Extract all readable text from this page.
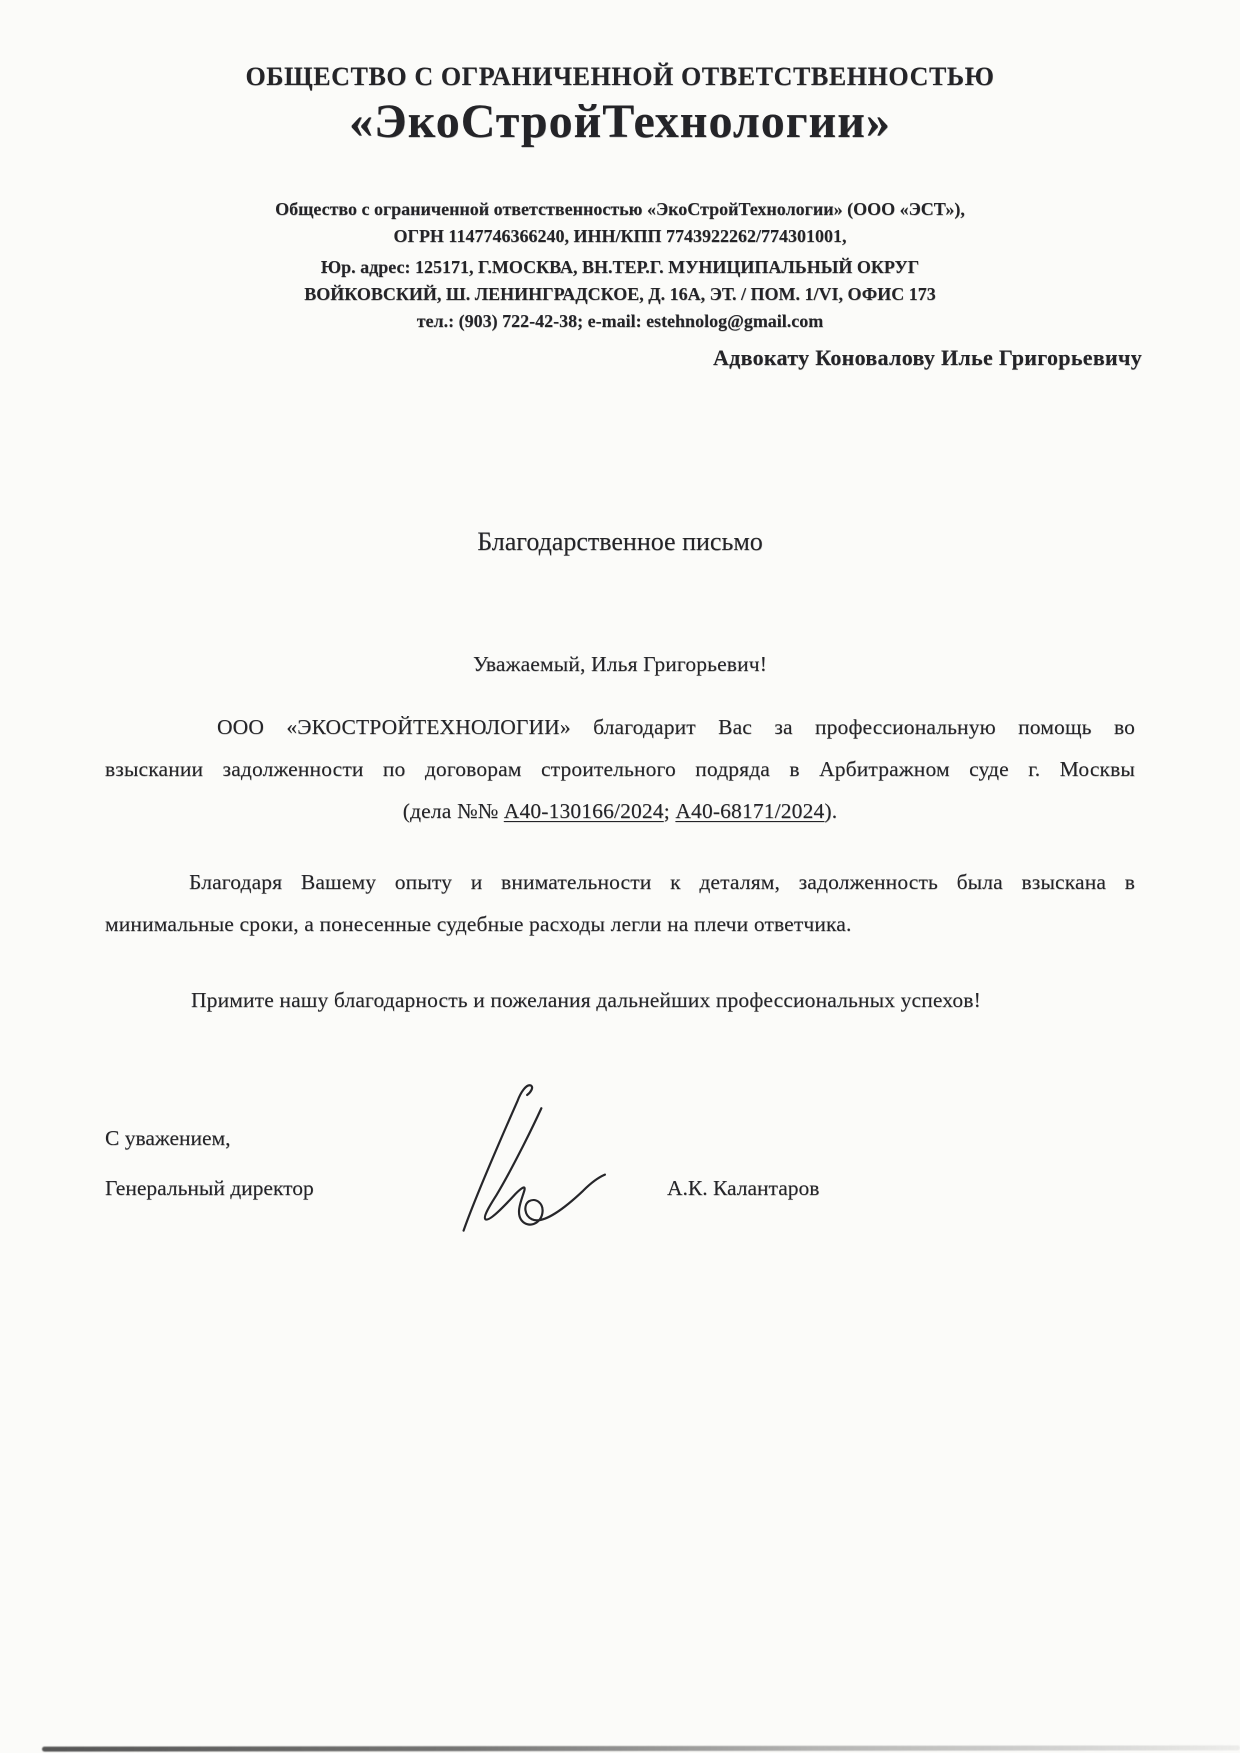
ОБЩЕСТВО С ОГРАНИЧЕННОЙ ОТВЕТСТВЕННОСТЬЮ
«ЭкоСтройТехнологии»
Общество с ограниченной ответственностью «ЭкоСтройТехнологии» (ООО «ЭСТ»),
ОГРН 1147746366240, ИНН/КПП 7743922262/774301001,
Юр. адрес: 125171, Г.МОСКВА, ВН.ТЕР.Г. МУНИЦИПАЛЬНЫЙ ОКРУГ
ВОЙКОВСКИЙ, Ш. ЛЕНИНГРАДСКОЕ, Д. 16А, ЭТ. / ПОМ. 1/VI, ОФИС 173
тел.: (903) 722-42-38; e-mail: estehnolog@gmail.com
Адвокату Коновалову Илье Григорьевичу
Благодарственное письмо
Уважаемый, Илья Григорьевич!
ООО «ЭКОСТРОЙТЕХНОЛОГИИ» благодарит Вас за профессиональную помощь во
взыскании задолженности по договорам строительного подряда в Арбитражном суде г. Москвы
(дела №№ А40-130166/2024; А40-68171/2024).
Благодаря Вашему опыту и внимательности к деталям, задолженность была взыскана в
минимальные сроки, а понесенные судебные расходы легли на плечи ответчика.
Примите нашу благодарность и пожелания дальнейших профессиональных успехов!
С уважением,
Генеральный директор	А.К. Калантаров
